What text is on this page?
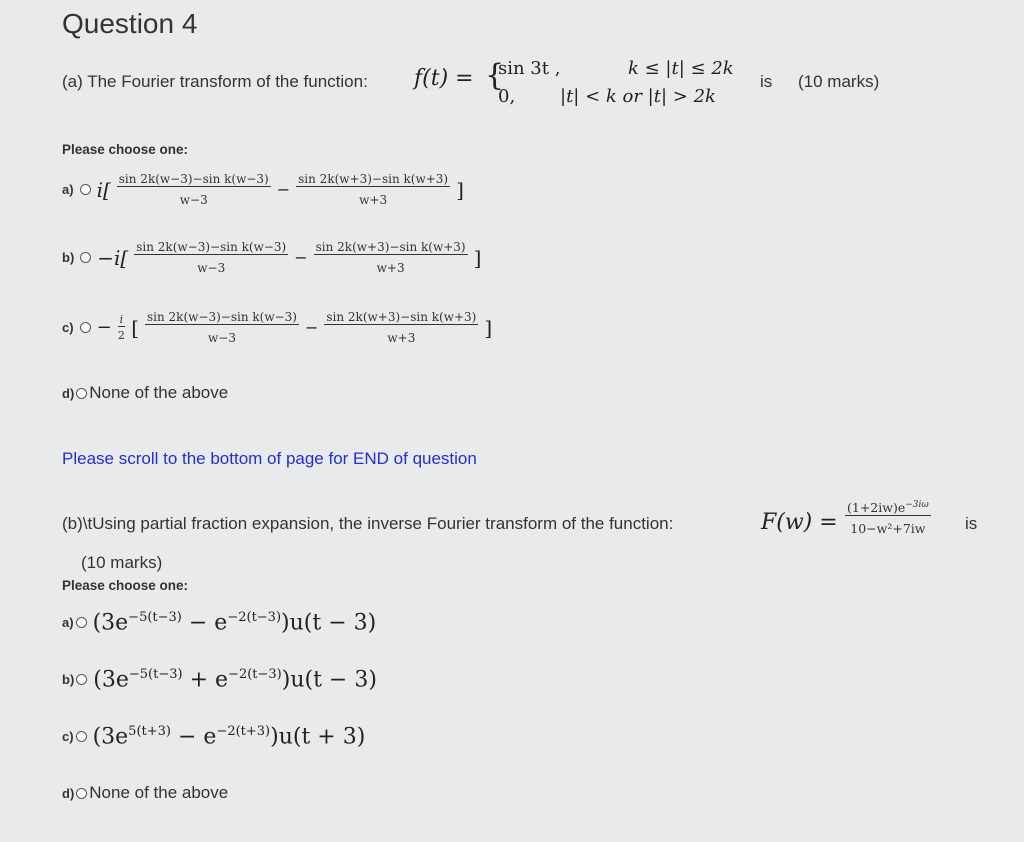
Question 4
(a) The Fourier transform of the function: f(t) = {
sin 3t ,	k ≤ |t| ≤ 2k
0, |t| < k or |t| > 2k
is (10 marks)
Please choose one:
a) $i[ \frac{\text{sin 2k(w−3)−sin k(w−3)}}{w-3} - \frac{\text{sin 2k(w+3)−sin k(w+3)}}{w+3}$ ]
$b) -i[ \frac{\text{sin 2k(w−3)−sin k(w−3)}}{w-3} - \frac{\text{sin 2k(w+3)−sin k(w+3)}}{w+3}$ ]
$c) - \frac{i}{2}$ [ $\frac{\text{sin 2k(w−3)−sin k(w−3)}}{w-3} - \frac{\text{sin 2k(w+3)−sin k(w+3)}}{w+3}$ ]
d) None of the above
Please scroll to the bottom of page for END of question
(b)\tUsing partial fraction expansion, the inverse Fourier transform of the function:	$F(w) = \frac{(1+2iw)e^{-3i\omega}}{\text{10−w²+7iw}}$ is
(10 marks)
Please choose one:
a) $(3e^{-5(t-3)} - e^{-2(t-3)})u(t - 3)$
b) $(3e^{-5(t-3)} + e^{-2(t-3)})u(t - 3)$
c) $(3e^{5(t+3)} - e^{-2(t+3)})u(t + 3)$
d) None of the above
